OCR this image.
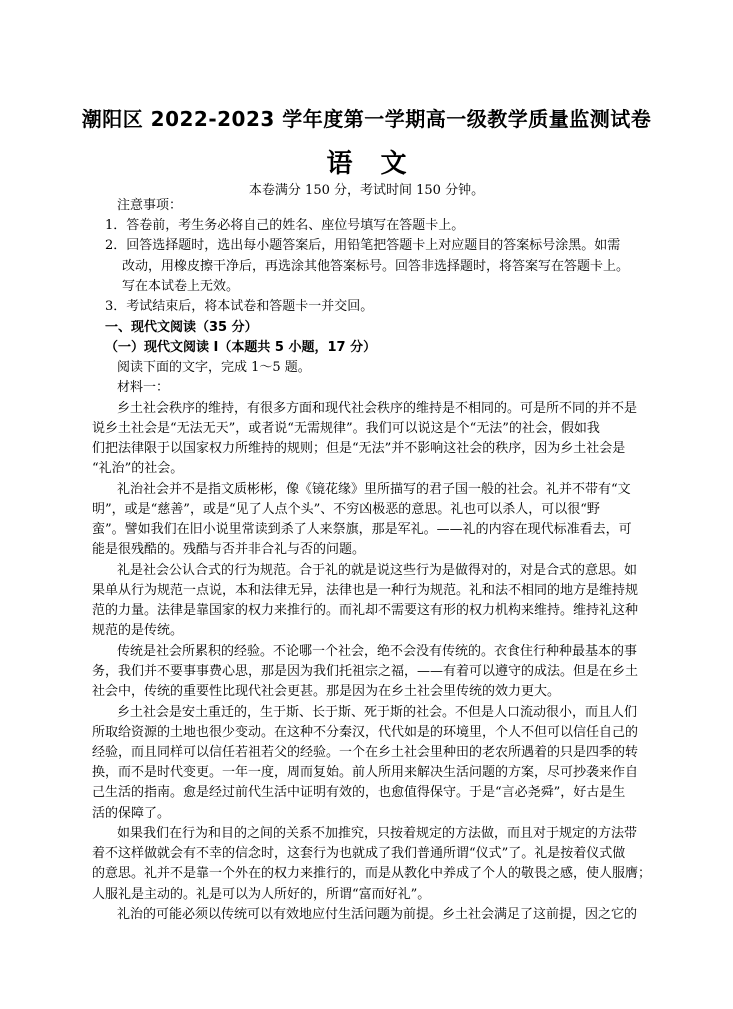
潮阳区 2022-2023 学年度第一学期高一级教学质量监测试卷
语文
本卷满分 150 分，考试时间 150 分钟。
注意事项：
1．答卷前，考生务必将自己的姓名、座位号填写在答题卡上。
2．回答选择题时，选出每小题答案后，用铅笔把答题卡上对应题目的答案标号涂黑。如需
改动，用橡皮擦干净后，再选涂其他答案标号。回答非选择题时，将答案写在答题卡上。
写在本试卷上无效。
3．考试结束后，将本试卷和答题卡一并交回。
一、现代文阅读（35 分）
（一）现代文阅读 I（本题共 5 小题，17 分）
阅读下面的文字，完成 1～5 题。
材料一：
乡土社会秩序的维持，有很多方面和现代社会秩序的维持是不相同的。可是所不同的并不是
说乡土社会是“无法无天”，或者说“无需规律”。我们可以说这是个“无法”的社会，假如我
们把法律限于以国家权力所维持的规则；但是“无法”并不影响这社会的秩序，因为乡土社会是
“礼治”的社会。
礼治社会并不是指文质彬彬，像《镜花缘》里所描写的君子国一般的社会。礼并不带有“文
明”，或是“慈善”，或是“见了人点个头”、不穷凶极恶的意思。礼也可以杀人，可以很“野
蛮”。譬如我们在旧小说里常读到杀了人来祭旗，那是军礼。——礼的内容在现代标准看去，可
能是很残酷的。残酷与否并非合礼与否的问题。
礼是社会公认合式的行为规范。合于礼的就是说这些行为是做得对的，对是合式的意思。如
果单从行为规范一点说，本和法律无异，法律也是一种行为规范。礼和法不相同的地方是维持规
范的力量。法律是靠国家的权力来推行的。而礼却不需要这有形的权力机构来维持。维持礼这种
规范的是传统。
传统是社会所累积的经验。不论哪一个社会，绝不会没有传统的。衣食住行种种最基本的事
务，我们并不要事事费心思，那是因为我们托祖宗之福，——有着可以遵守的成法。但是在乡土
社会中，传统的重要性比现代社会更甚。那是因为在乡土社会里传统的效力更大。
乡土社会是安土重迁的，生于斯、长于斯、死于斯的社会。不但是人口流动很小，而且人们
所取给资源的土地也很少变动。在这种不分秦汉，代代如是的环境里，个人不但可以信任自己的
经验，而且同样可以信任若祖若父的经验。一个在乡土社会里种田的老农所遇着的只是四季的转
换，而不是时代变更。一年一度，周而复始。前人所用来解决生活问题的方案，尽可抄袭来作自
己生活的指南。愈是经过前代生活中证明有效的，也愈值得保守。于是“言必尧舜”，好古是生
活的保障了。
如果我们在行为和目的之间的关系不加推究，只按着规定的方法做，而且对于规定的方法带
着不这样做就会有不幸的信念时，这套行为也就成了我们普通所谓“仪式”了。礼是按着仪式做
的意思。礼并不是靠一个外在的权力来推行的，而是从教化中养成了个人的敬畏之感，使人服膺；
人服礼是主动的。礼是可以为人所好的，所谓“富而好礼”。
礼治的可能必须以传统可以有效地应付生活问题为前提。乡土社会满足了这前提，因之它的
